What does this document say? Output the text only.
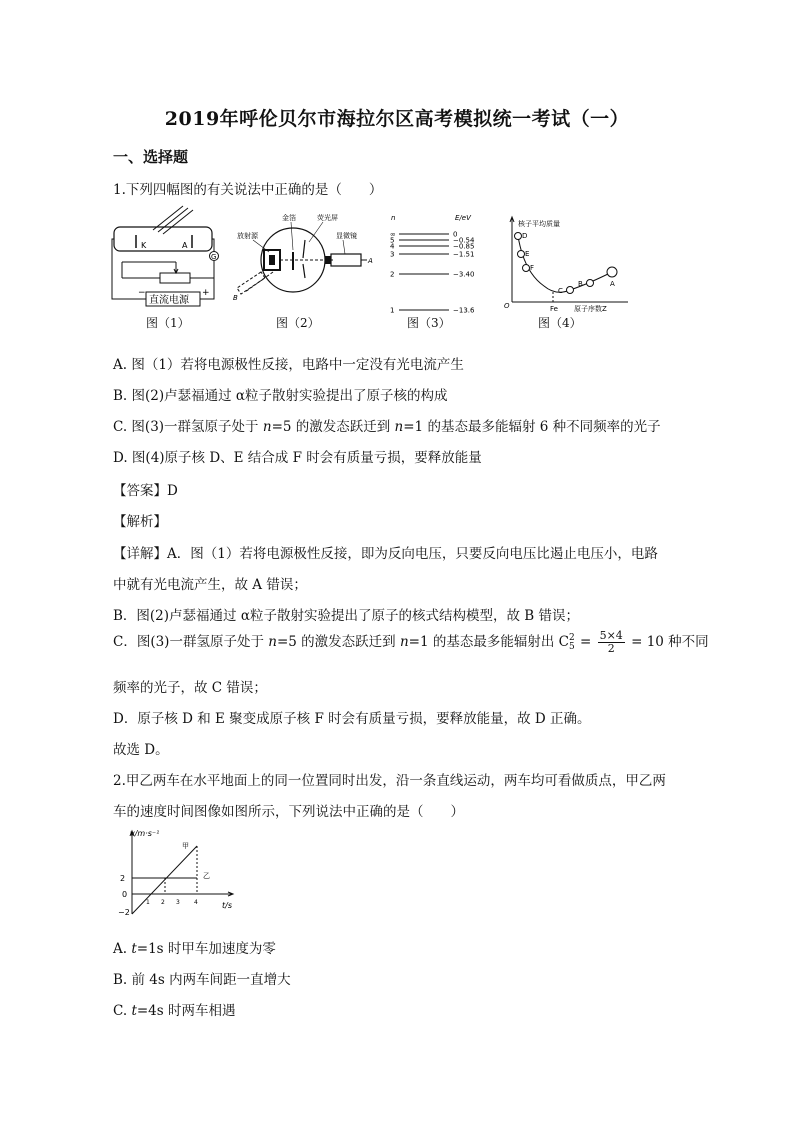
2019年呼伦贝尔市海拉尔区高考模拟统一考试（一）
一、选择题
1.下列四幅图的有关说法中正确的是（　　）
K	A
G
直流电源
−	+
图（1）
A
B
金箔	荧光屏
放射源	显微镜
图（2）
n	E/eV
∞	0
5	−0.54
4	−0.85
3	−1.51
2	−3.40
1	−13.6
图（3）
核子平均质量
原子序数Z
O	Fe
D
E
F
C
B	A
图（4）
A. 图（1）若将电源极性反接，电路中一定没有光电流产生
B. 图(2)卢瑟福通过 α粒子散射实验提出了原子核的构成
C. 图(3)一群氢原子处于 n=5 的激发态跃迁到 n=1 的基态最多能辐射 6 种不同频率的光子
D. 图(4)原子核 D、E 结合成 F 时会有质量亏损，要释放能量
【答案】D
【解析】
【详解】A．图（1）若将电源极性反接，即为反向电压，只要反向电压比遏止电压小，电路
中就有光电流产生，故 A 错误；
B．图(2)卢瑟福通过 α粒子散射实验提出了原子的核式结构模型，故 B 错误；
C．图(3)一群氢原子处于 n=5 的激发态跃迁到 n=1 的基态最多能辐射出 C 2
$5 = \frac{5\times 4}{2} = 10$ 种不同
频率的光子，故 C 错误；
D．原子核 D 和 E 聚变成原子核 F 时会有质量亏损，要释放能量，故 D 正确。
故选 D。
2.甲乙两车在水平地面上的同一位置同时出发，沿一条直线运动，两车均可看做质点，甲乙两
车的速度时间图像如图所示，下列说法中正确的是（　　）
v/m·s⁻¹
t/s
2
0
−2
1 2 3 4
甲
乙
A. t=1s 时甲车加速度为零
B. 前 4s 内两车间距一直增大
C. t=4s 时两车相遇
